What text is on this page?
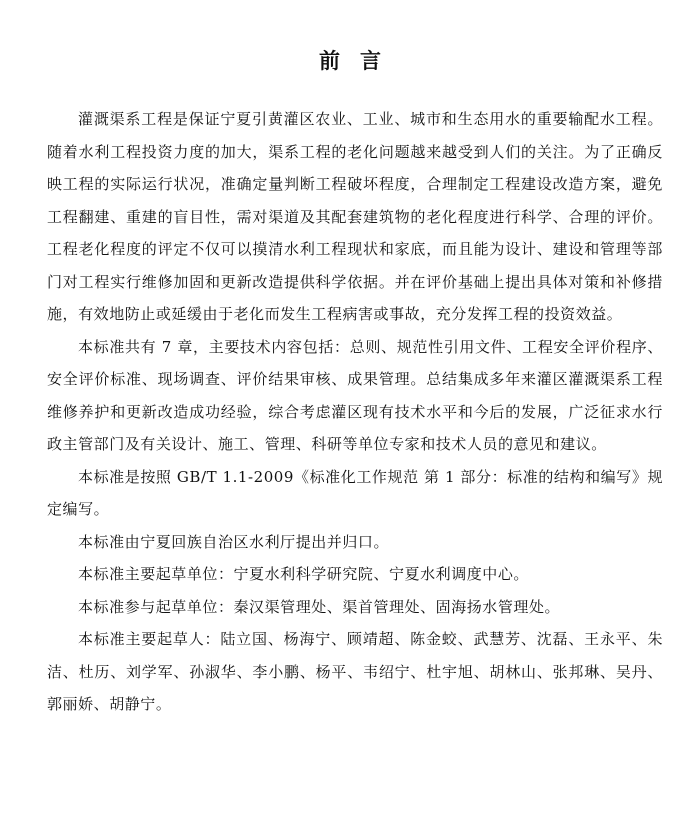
前言

灌溉渠系工程是保证宁夏引黄灌区农业、工业、城市和生态用水的重要输配水工程。随着水利工程投资力度的加大，渠系工程的老化问题越来越受到人们的关注。为了正确反映工程的实际运行状况，准确定量判断工程破坏程度，合理制定工程建设改造方案，避免工程翻建、重建的盲目性，需对渠道及其配套建筑物的老化程度进行科学、合理的评价。工程老化程度的评定不仅可以摸清水利工程现状和家底，而且能为设计、建设和管理等部门对工程实行维修加固和更新改造提供科学依据。并在评价基础上提出具体对策和补修措施，有效地防止或延缓由于老化而发生工程病害或事故，充分发挥工程的投资效益。

本标准共有 7 章，主要技术内容包括：总则、规范性引用文件、工程安全评价程序、安全评价标准、现场调查、评价结果审核、成果管理。总结集成多年来灌区灌溉渠系工程维修养护和更新改造成功经验，综合考虑灌区现有技术水平和今后的发展，广泛征求水行政主管部门及有关设计、施工、管理、科研等单位专家和技术人员的意见和建议。

本标准是按照 GB/T 1.1-2009《标准化工作规范 第 1 部分：标准的结构和编写》规定编写。

本标准由宁夏回族自治区水利厅提出并归口。

本标准主要起草单位：宁夏水利科学研究院、宁夏水利调度中心。

本标准参与起草单位：秦汉渠管理处、渠首管理处、固海扬水管理处。

本标准主要起草人：陆立国、杨海宁、顾靖超、陈金蛟、武慧芳、沈磊、王永平、朱洁、杜历、刘学军、孙淑华、李小鹏、杨平、韦绍宁、杜宇旭、胡林山、张邦琳、吴丹、郭丽娇、胡静宁。
